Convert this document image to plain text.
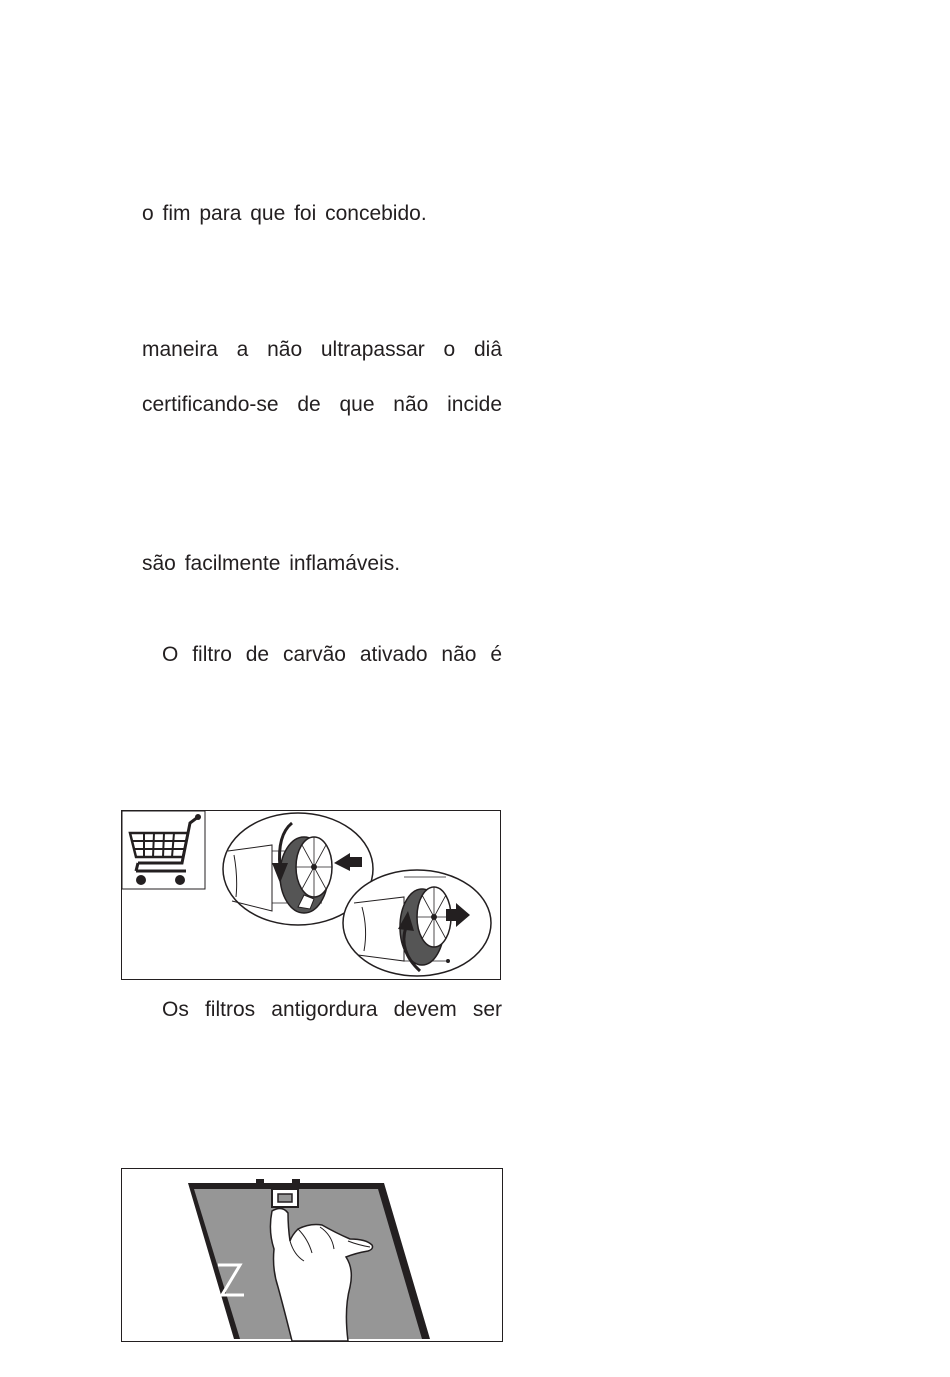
o fim para que foi concebido.
maneira a não ultrapassar o diâ
certificando-se de que não incide
são facilmente inflamáveis.
O filtro de carvão ativado não é
Os filtros antigordura devem ser
